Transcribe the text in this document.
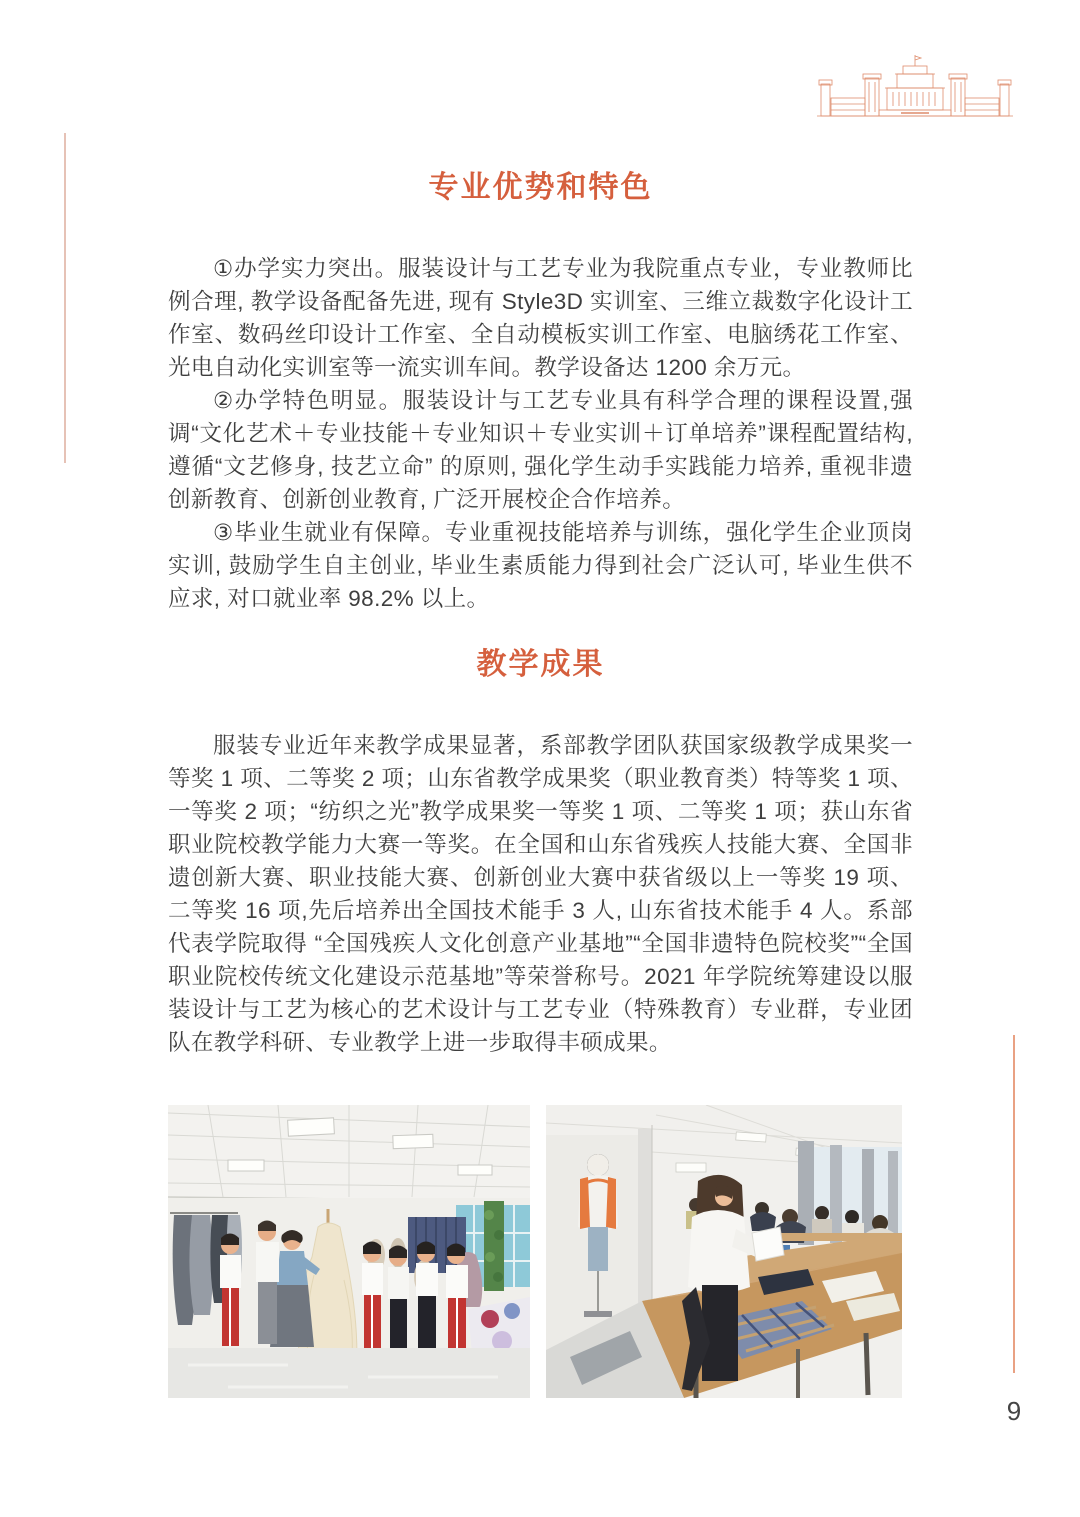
专业优势和特色

①办学实力突出。服装设计与工艺专业为我院重点专业，专业教师比例合理, 教学设备配备先进, 现有 Style3D 实训室、三维立裁数字化设计工作室、数码丝印设计工作室、全自动模板实训工作室、电脑绣花工作室、光电自动化实训室等一流实训车间。教学设备达 1200 余万元。

②办学特色明显。服装设计与工艺专业具有科学合理的课程设置,强调“文化艺术＋专业技能＋专业知识＋专业实训＋订单培养”课程配置结构,遵循“文艺修身, 技艺立命” 的原则, 强化学生动手实践能力培养, 重视非遗创新教育、创新创业教育, 广泛开展校企合作培养。

③毕业生就业有保障。专业重视技能培养与训练，强化学生企业顶岗实训, 鼓励学生自主创业, 毕业生素质能力得到社会广泛认可, 毕业生供不应求, 对口就业率 98.2% 以上。

教学成果

服装专业近年来教学成果显著，系部教学团队获国家级教学成果奖一等奖 1 项、二等奖 2 项；山东省教学成果奖（职业教育类）特等奖 1 项、一等奖 2 项；“纺织之光”教学成果奖一等奖 1 项、二等奖 1 项；获山东省职业院校教学能力大赛一等奖。在全国和山东省残疾人技能大赛、全国非遗创新大赛、职业技能大赛、创新创业大赛中获省级以上一等奖 19 项、二等奖 16 项,先后培养出全国技术能手 3 人, 山东省技术能手 4 人。系部代表学院取得 “全国残疾人文化创意产业基地”“全国非遗特色院校奖”“全国职业院校传统文化建设示范基地”等荣誉称号。2021 年学院统筹建设以服装设计与工艺为核心的艺术设计与工艺专业（特殊教育）专业群，专业团队在教学科研、专业教学上进一步取得丰硕成果。

9
